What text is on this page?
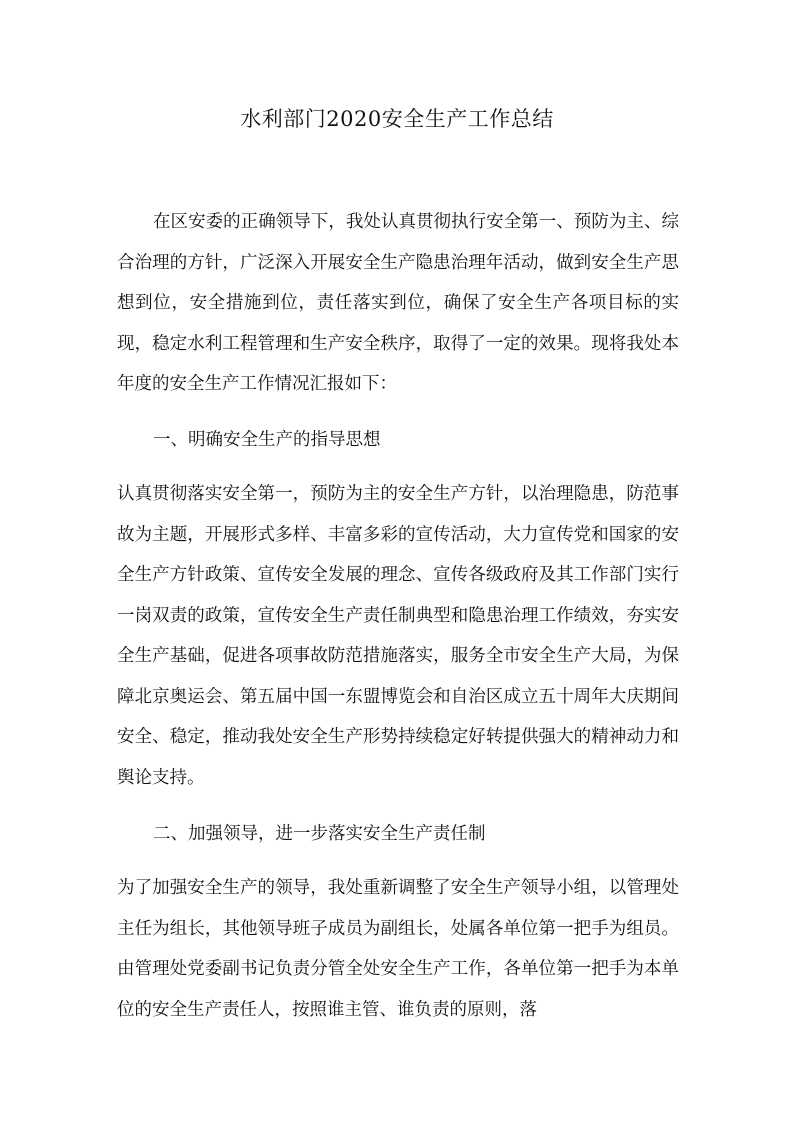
水利部门2020安全生产工作总结

在区安委的正确领导下，我处认真贯彻执行安全第一、预防为主、综合治理的方针，广泛深入开展安全生产隐患治理年活动，做到安全生产思想到位，安全措施到位，责任落实到位，确保了安全生产各项目标的实现，稳定水利工程管理和生产安全秩序，取得了一定的效果。现将我处本年度的安全生产工作情况汇报如下：

一、明确安全生产的指导思想

认真贯彻落实安全第一，预防为主的安全生产方针，以治理隐患，防范事故为主题，开展形式多样、丰富多彩的宣传活动，大力宣传党和国家的安全生产方针政策、宣传安全发展的理念、宣传各级政府及其工作部门实行一岗双责的政策，宣传安全生产责任制典型和隐患治理工作绩效，夯实安全生产基础，促进各项事故防范措施落实，服务全市安全生产大局，为保障北京奥运会、第五届中国一东盟博览会和自治区成立五十周年大庆期间安全、稳定，推动我处安全生产形势持续稳定好转提供强大的精神动力和舆论支持。

二、加强领导，进一步落实安全生产责任制

为了加强安全生产的领导，我处重新调整了安全生产领导小组，以管理处主任为组长，其他领导班子成员为副组长，处属各单位第一把手为组员。由管理处党委副书记负责分管全处安全生产工作，各单位第一把手为本单位的安全生产责任人，按照谁主管、谁负责的原则，落
